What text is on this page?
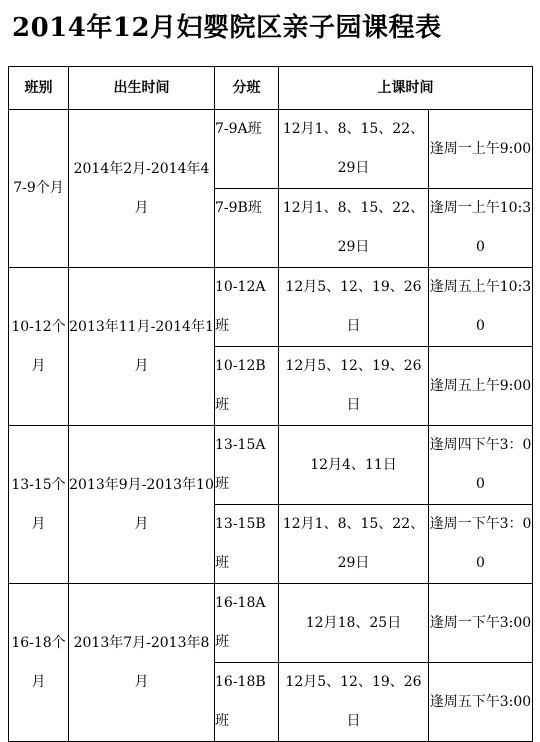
2014年12月妇婴院区亲子园课程表
班别	出生时间	分班	上课时间	
7-9个月	2014年2月-2014年4月	7-9A班	12月1、8、15、22、29日	逢周一上午9:00
		7-9B班	12月1、8、15、22、29日	逢周一上午10:30
10-12个月	2013年11月-2014年1月	10-12A班	12月5、12、19、26日	逢周五上午10:30
		10-12B班	12月5、12、19、26日	逢周五上午9:00
13-15个月	2013年9月-2013年10月	13-15A班	12月4、11日	逢周四下午3：00
		13-15B班	12月1、8、15、22、29日	逢周一下午3：00
16-18个月	2013年7月-2013年8月	16-18A班	12月18、25日	逢周一下午3:00
		16-18B班	12月5、12、19、26日	逢周五下午3:00
